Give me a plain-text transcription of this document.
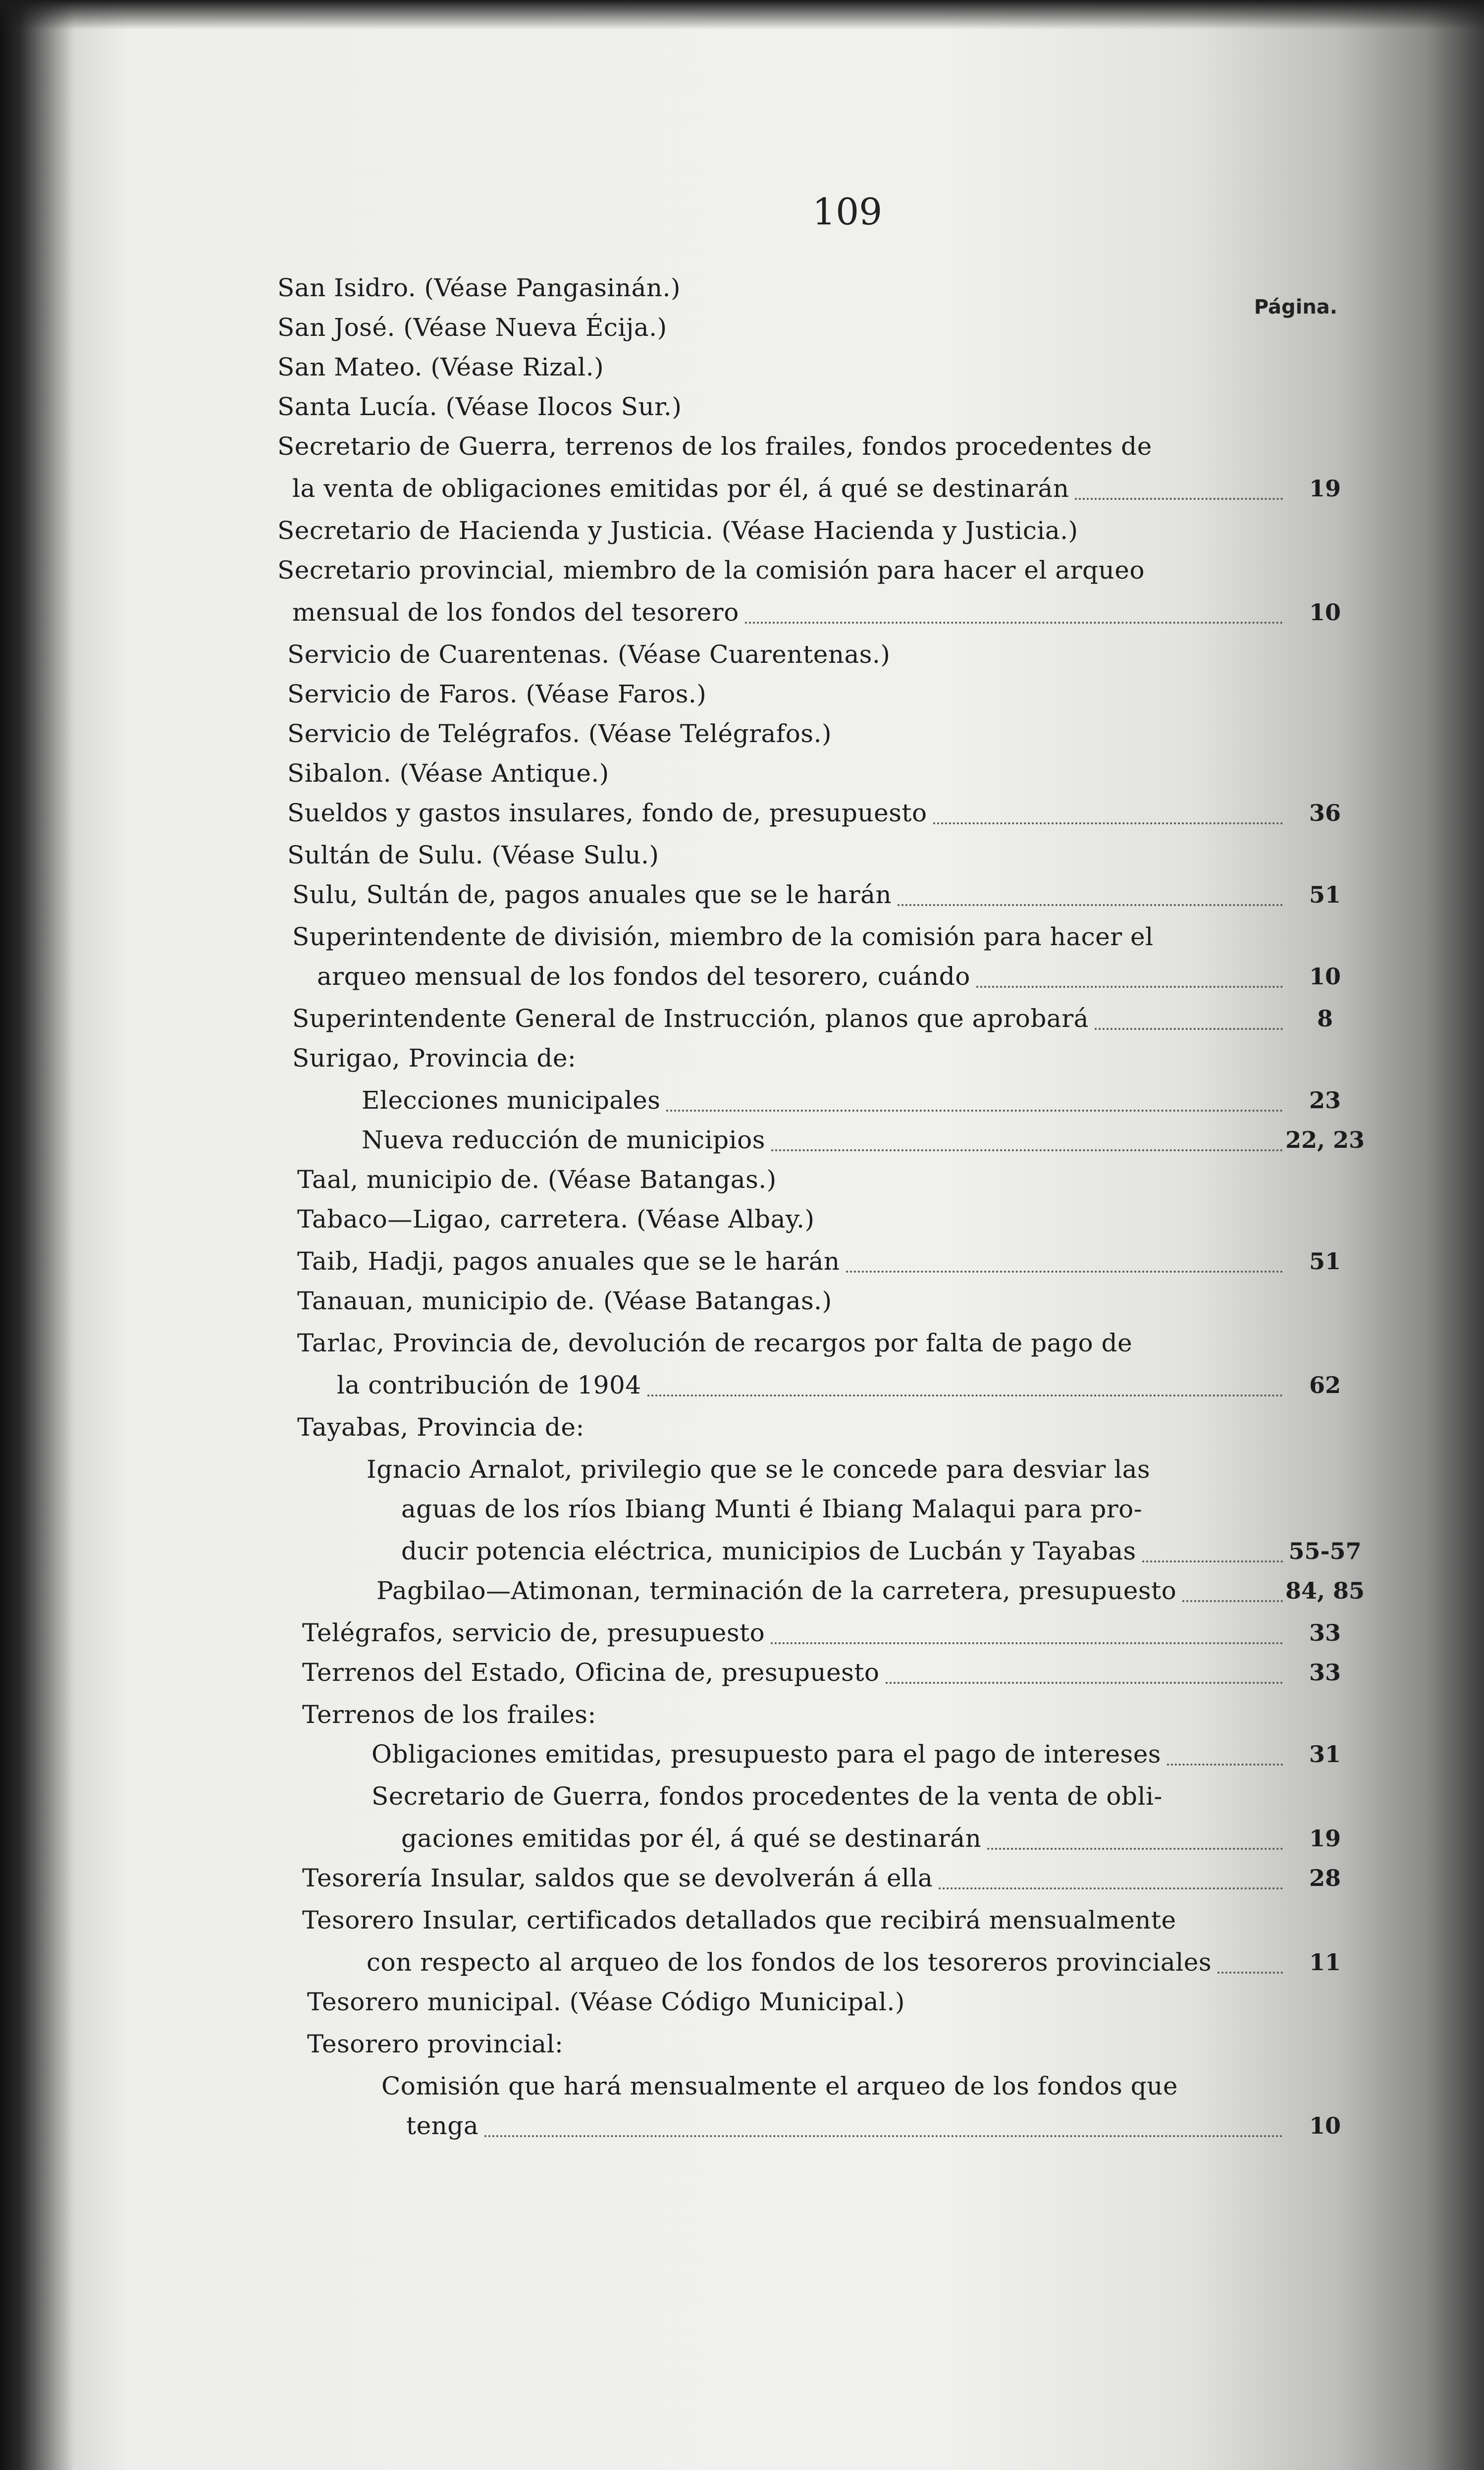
109
Página.
San Isidro. (Véase Pangasinán.)
San José. (Véase Nueva Écija.)
San Mateo. (Véase Rizal.)
Santa Lucía. (Véase Ilocos Sur.)
Secretario de Guerra, terrenos de los frailes, fondos procedentes de
la venta de obligaciones emitidas por él, á qué se destinarán	19
Secretario de Hacienda y Justicia. (Véase Hacienda y Justicia.)
Secretario provincial, miembro de la comisión para hacer el arqueo
mensual de los fondos del tesorero	10
Servicio de Cuarentenas. (Véase Cuarentenas.)
Servicio de Faros. (Véase Faros.)
Servicio de Telégrafos. (Véase Telégrafos.)
Sibalon. (Véase Antique.)
Sueldos y gastos insulares, fondo de, presupuesto	36
Sultán de Sulu. (Véase Sulu.)
Sulu, Sultán de, pagos anuales que se le harán	51
Superintendente de división, miembro de la comisión para hacer el
arqueo mensual de los fondos del tesorero, cuándo	10
Superintendente General de Instrucción, planos que aprobará	8
Surigao, Provincia de:
Elecciones municipales	23
Nueva reducción de municipios	22, 23
Taal, municipio de. (Véase Batangas.)
Tabaco—Ligao, carretera. (Véase Albay.)
Taib, Hadji, pagos anuales que se le harán	51
Tanauan, municipio de. (Véase Batangas.)
Tarlac, Provincia de, devolución de recargos por falta de pago de
la contribución de 1904	62
Tayabas, Provincia de:
Ignacio Arnalot, privilegio que se le concede para desviar las
aguas de los ríos Ibiang Munti é Ibiang Malaqui para pro-
ducir potencia eléctrica, municipios de Lucbán y Tayabas	55-57
Pagbilao—Atimonan, terminación de la carretera, presupuesto	84, 85
Telégrafos, servicio de, presupuesto	33
Terrenos del Estado, Oficina de, presupuesto	33
Terrenos de los frailes:
Obligaciones emitidas, presupuesto para el pago de intereses	31
Secretario de Guerra, fondos procedentes de la venta de obli-
gaciones emitidas por él, á qué se destinarán	19
Tesorería Insular, saldos que se devolverán á ella	28
Tesorero Insular, certificados detallados que recibirá mensualmente
con respecto al arqueo de los fondos de los tesoreros provinciales	11
Tesorero municipal. (Véase Código Municipal.)
Tesorero provincial:
Comisión que hará mensualmente el arqueo de los fondos que
tenga	10
